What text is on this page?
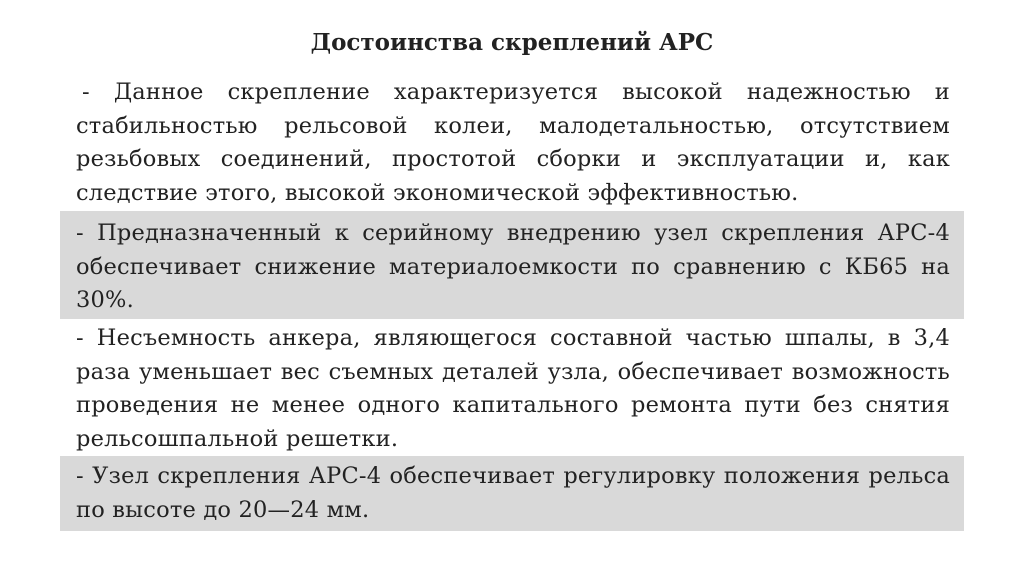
Достоинства скреплений АРС
- Данное скрепление характеризуется высокой надежностью и стабильностью рельсовой колеи, малодетальностью, отсутствием резьбовых соединений, простотой сборки и эксплуатации и, как следствие этого, высокой экономической эффективностью.
- Предназначенный к серийному внедрению узел скрепления АРС-4 обеспечивает снижение материалоемкости по сравнению с КБ65 на 30%.
- Несъемность анкера, являющегося составной частью шпалы, в 3,4 раза уменьшает вес съемных деталей узла, обеспечивает возможность проведения не менее одного капитального ремонта пути без снятия рельсошпальной решетки.
- Узел скрепления АРС-4 обеспечивает регулировку положения рельса по высоте до 20—24 мм.
